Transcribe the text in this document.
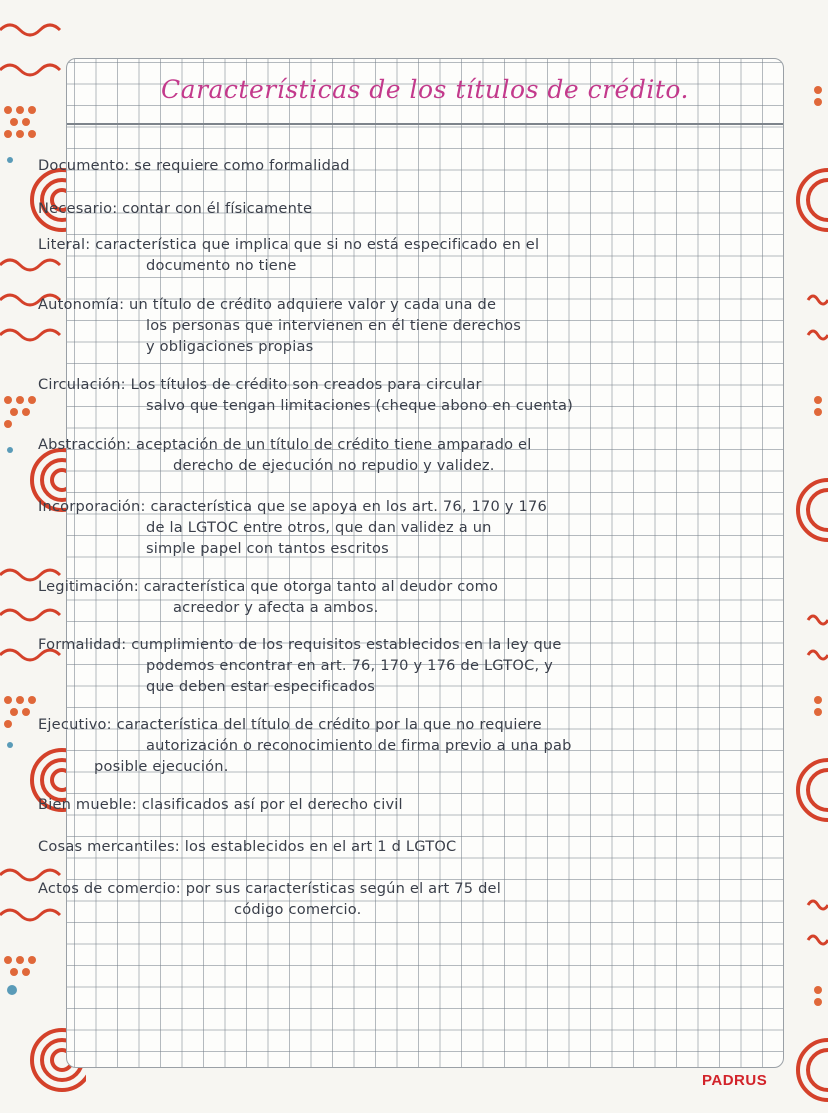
Características de los títulos de crédito.
Documento: se requiere como formalidad
Necesario: contar con él físicamente
Literal: característica que implica que si no está especificado en el
documento no tiene
Autonomía: un título de crédito adquiere valor y cada una de
los personas que intervienen en él tiene derechos
y obligaciones propias
Circulación: Los títulos de crédito son creados para circular
salvo que tengan limitaciones (cheque abono en cuenta)
Abstracción: aceptación de un título de crédito tiene amparado el
derecho de ejecución no repudio y validez.
Incorporación: característica que se apoya en los art. 76, 170 y 176
de la LGTOC entre otros, que dan validez a un
simple papel con tantos escritos
Legitimación: característica que otorga tanto al deudor como
acreedor y afecta a ambos.
Formalidad: cumplimiento de los requisitos establecidos en la ley que
podemos encontrar en art. 76, 170 y 176 de LGTOC, y
que deben estar especificados
Ejecutivo: característica del título de crédito por la que no requiere
autorización o reconocimiento de firma previo a una pab
posible ejecución.
Bien mueble: clasificados así por el derecho civil
Cosas mercantiles: los establecidos en el art 1 d LGTOC
Actos de comercio: por sus características según el art 75 del
código comercio.
PADRUS
